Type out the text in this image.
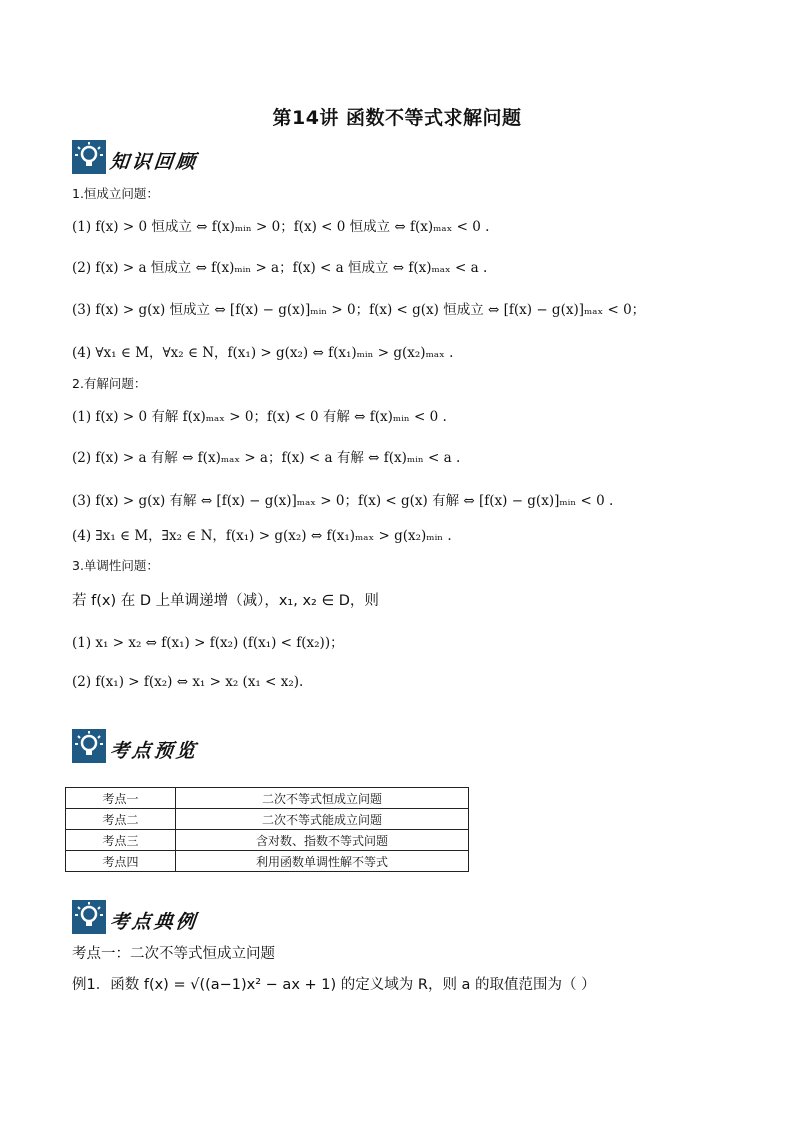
第14讲 函数不等式求解问题
知识回顾
1.恒成立问题：
(1) f(x) > 0 恒成立 ⇔ f(x)ₘᵢₙ > 0；f(x) < 0 恒成立 ⇔ f(x)ₘₐₓ < 0 .
(2) f(x) > a 恒成立 ⇔ f(x)ₘᵢₙ > a；f(x) < a 恒成立 ⇔ f(x)ₘₐₓ < a .
(3) f(x) > g(x) 恒成立 ⇔ [f(x) − g(x)]ₘᵢₙ > 0；f(x) < g(x) 恒成立 ⇔ [f(x) − g(x)]ₘₐₓ < 0；
(4) ∀x₁ ∈ M，∀x₂ ∈ N，f(x₁) > g(x₂) ⇔ f(x₁)ₘᵢₙ > g(x₂)ₘₐₓ .
2.有解问题：
(1) f(x) > 0 有解 f(x)ₘₐₓ > 0；f(x) < 0 有解 ⇔ f(x)ₘᵢₙ < 0 .
(2) f(x) > a 有解 ⇔ f(x)ₘₐₓ > a；f(x) < a 有解 ⇔ f(x)ₘᵢₙ < a .
(3) f(x) > g(x) 有解 ⇔ [f(x) − g(x)]ₘₐₓ > 0；f(x) < g(x) 有解 ⇔ [f(x) − g(x)]ₘᵢₙ < 0 .
(4) ∃x₁ ∈ M，∃x₂ ∈ N，f(x₁) > g(x₂) ⇔ f(x₁)ₘₐₓ > g(x₂)ₘᵢₙ .
3.单调性问题：
若 f(x) 在 D 上单调递增（减），x₁, x₂ ∈ D，则
(1) x₁ > x₂ ⇔ f(x₁) > f(x₂) (f(x₁) < f(x₂))；
(2) f(x₁) > f(x₂) ⇔ x₁ > x₂ (x₁ < x₂).
考点预览
考点一	二次不等式恒成立问题
考点二	二次不等式能成立问题
考点三	含对数、指数不等式问题
考点四	利用函数单调性解不等式
考点典例
考点一：二次不等式恒成立问题
例1．函数 f(x) = √((a−1)x² − ax + 1) 的定义域为 R，则 a 的取值范围为（ ）
